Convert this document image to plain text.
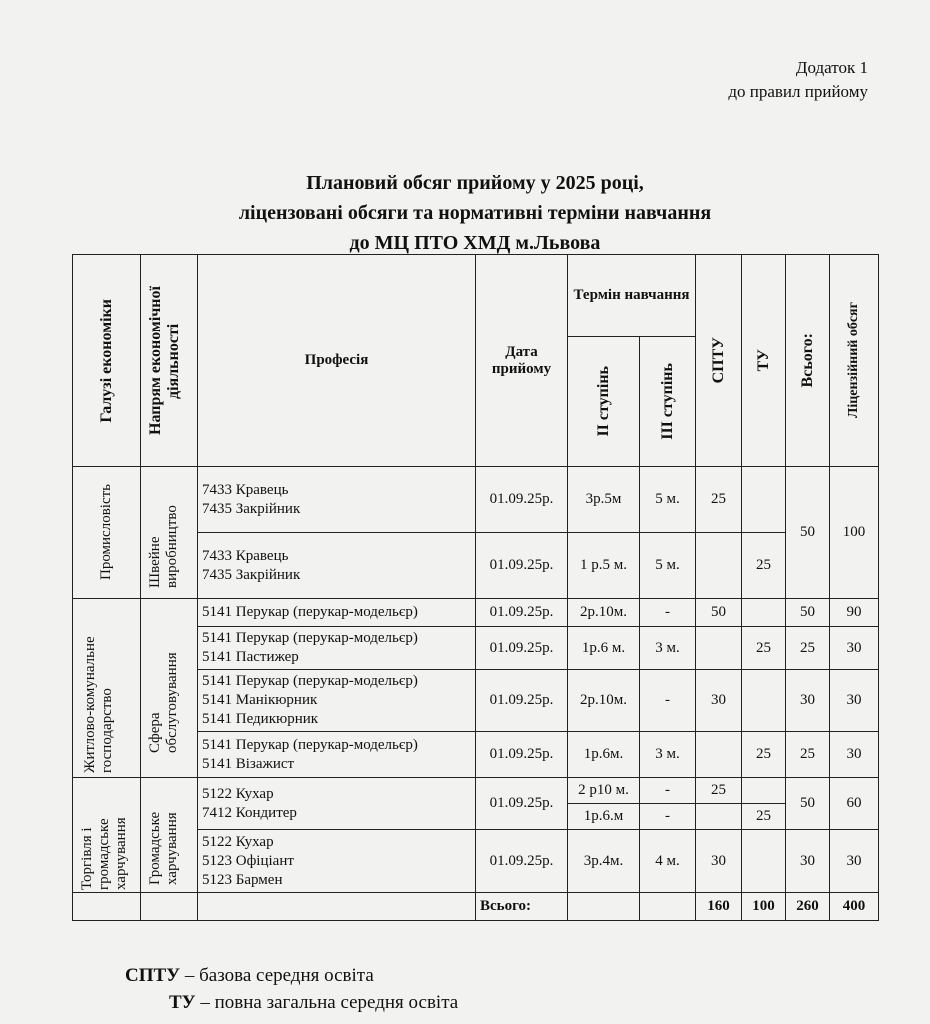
Додаток 1
до правил прийому
Плановий обсяг прийому у 2025 році,
ліцензовані обсяги та нормативні терміни навчання
до МЦ ПТО ХМД м.Львова
Галузі економіки	Напрям економічної діяльності	Професія	Дата прийому	Термін навчання		СПТУ	ТУ	Всього:	Ліцензійний обсяг

				ІІ ступінь	ІІІ ступінь				

Промисловість	Швейне виробництво	7433 Кравець
7435 Закрійник	01.09.25р.	3р.5м	5 м.	25		50	100

		7433 Кравець
7435 Закрійник	01.09.25р.	1 р.5 м.	5 м.		25		

Житлово-комунальне господарство	Сфера обслуговування	5141 Перукар (перукар-модельєр)	01.09.25р.	2р.10м.	-	50		50	90

		5141 Перукар (перукар-модельєр)
5141 Пастижер	01.09.25р.	1р.6 м.	3 м.		25	25	30

		5141 Перукар (перукар-модельєр)
5141 Манікюрник
5141 Педикюрник	01.09.25р.	2р.10м.	-	30		30	30

		5141 Перукар (перукар-модельєр)
5141 Візажист	01.09.25р.	1р.6м.	3 м.		25	25	30

Торгівля і громадське харчування	Громадське харчування	5122 Кухар
7412 Кондитер	01.09.25р.	2 р10 м.	-	25		50	60
				1р.6.м	-		25		

		5122 Кухар
5123 Офіціант
5123 Бармен	01.09.25р.	3р.4м.	4 м.	30		30	30
			Всього:			160	100	260	400
СПТУ – базова середня освіта
ТУ – повна загальна середня освіта
